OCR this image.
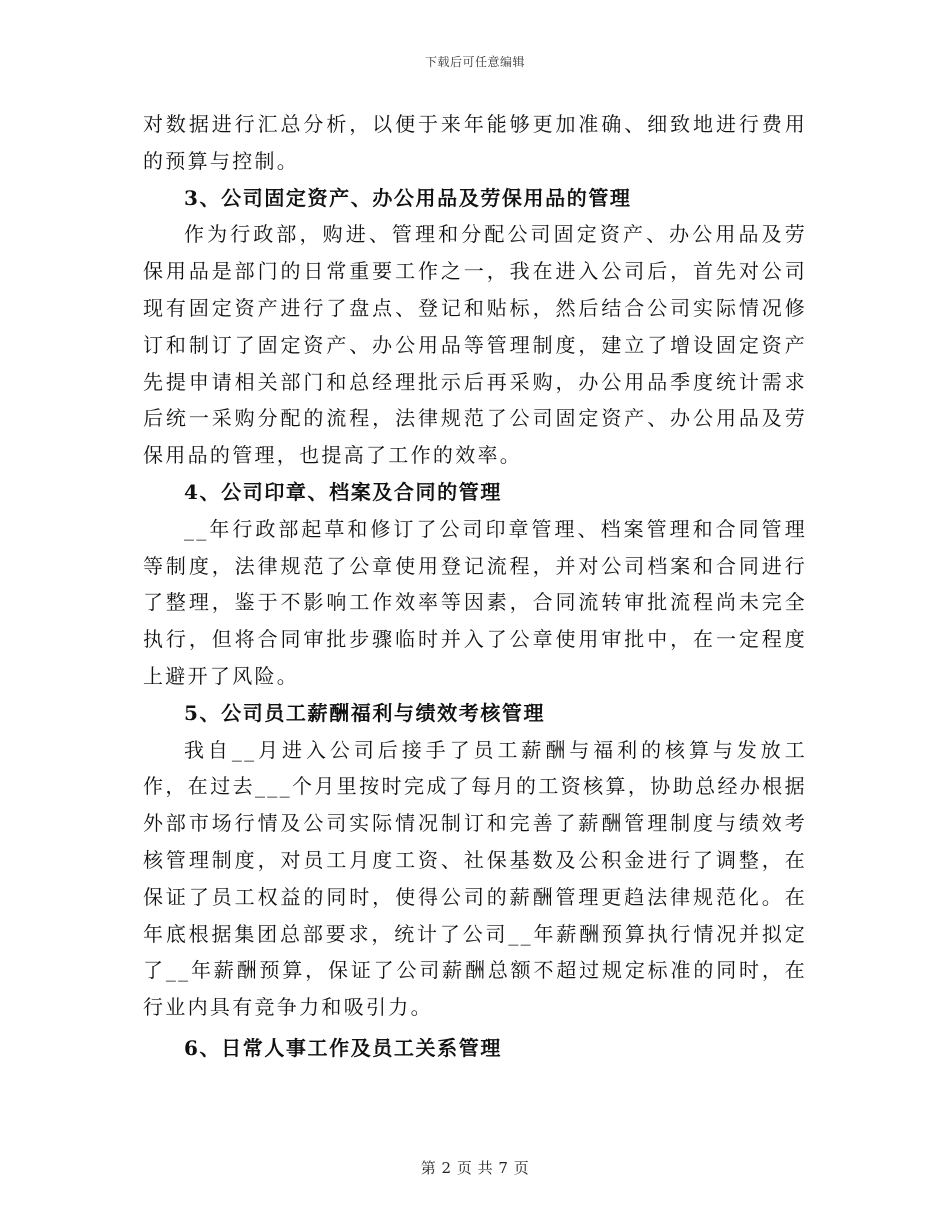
下载后可任意编辑

对数据进行汇总分析，以便于来年能够更加准确、细致地进行费用的预算与控制。

3、公司固定资产、办公用品及劳保用品的管理

作为行政部，购进、管理和分配公司固定资产、办公用品及劳保用品是部门的日常重要工作之一，我在进入公司后，首先对公司现有固定资产进行了盘点、登记和贴标，然后结合公司实际情况修订和制订了固定资产、办公用品等管理制度，建立了增设固定资产先提申请相关部门和总经理批示后再采购，办公用品季度统计需求后统一采购分配的流程，法律规范了公司固定资产、办公用品及劳保用品的管理，也提高了工作的效率。

4、公司印章、档案及合同的管理

__年行政部起草和修订了公司印章管理、档案管理和合同管理等制度，法律规范了公章使用登记流程，并对公司档案和合同进行了整理，鉴于不影响工作效率等因素，合同流转审批流程尚未完全执行，但将合同审批步骤临时并入了公章使用审批中，在一定程度上避开了风险。

5、公司员工薪酬福利与绩效考核管理

我自__月进入公司后接手了员工薪酬与福利的核算与发放工作，在过去___个月里按时完成了每月的工资核算，协助总经办根据外部市场行情及公司实际情况制订和完善了薪酬管理制度与绩效考核管理制度，对员工月度工资、社保基数及公积金进行了调整，在保证了员工权益的同时，使得公司的薪酬管理更趋法律规范化。在年底根据集团总部要求，统计了公司__年薪酬预算执行情况并拟定了__年薪酬预算，保证了公司薪酬总额不超过规定标准的同时，在行业内具有竞争力和吸引力。

6、日常人事工作及员工关系管理

第 2 页 共 7 页
